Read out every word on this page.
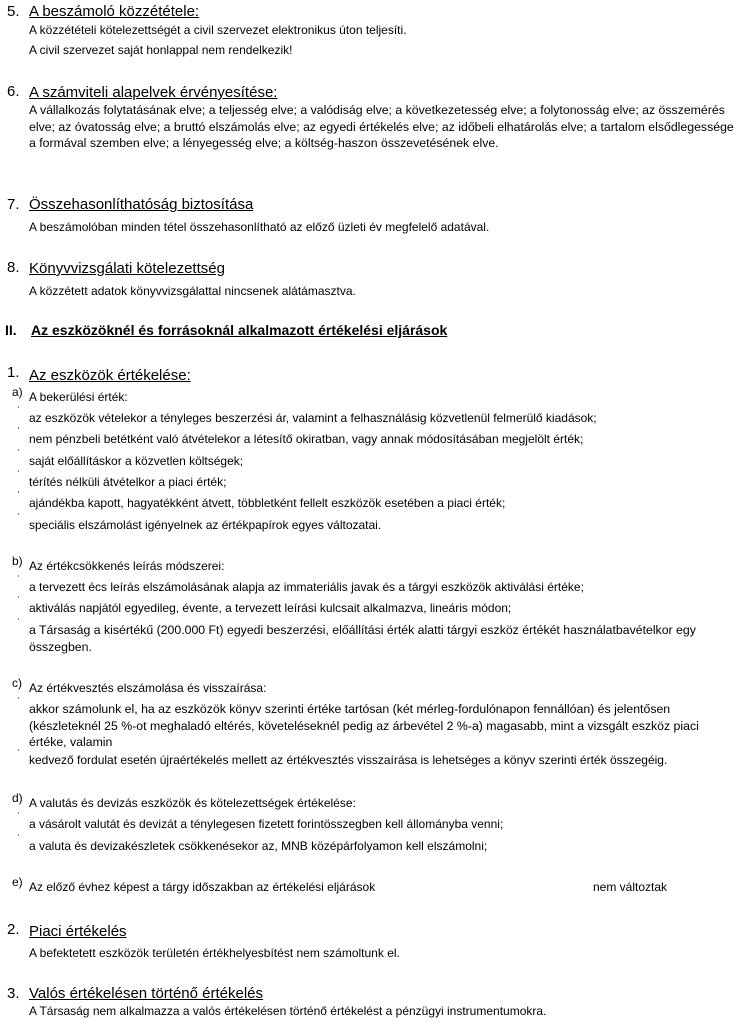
5. A beszámoló közzététele:
A közzétételi kötelezettségét a civil szervezet elektronikus úton teljesíti.
A civil szervezet saját honlappal nem rendelkezik!
6. A számviteli alapelvek érvényesítése:
A vállalkozás folytatásának elve; a teljesség elve; a valódiság elve; a következetesség elve; a folytonosság elve; az összemérés elve; az óvatosság elve; a bruttó elszámolás elve; az egyedi értékelés elve; az időbeli elhatárolás elve; a tartalom elsődlegessége a formával szemben elve; a lényegesség elve; a költség-haszon összevetésének elve.
7. Összehasonlíthatóság biztosítása
A beszámolóban minden tétel összehasonlítható az előző üzleti év megfelelő adatával.
8. Könyvvizsgálati kötelezettség
A közzétett adatok könyvvizsgálattal nincsenek alátámasztva.
II. Az eszközöknél és forrásoknál alkalmazott értékelési eljárások
1. Az eszközök értékelése:
a) A bekerülési érték:
˙ az eszközök vételekor a tényleges beszerzési ár, valamint a felhasználásig közvetlenül felmerülő kiadások;
˙ nem pénzbeli betétként való átvételekor a létesítő okiratban, vagy annak módosításában megjelölt érték;
˙ saját előállításkor a közvetlen költségek;
˙ térítés nélküli átvételkor a piaci érték;
˙ ajándékba kapott, hagyatékként átvett, többletként fellelt eszközök esetében a piaci érték;
˙ speciális elszámolást igényelnek az értékpapírok egyes változatai.
b) Az értékcsökkenés leírás módszerei:
˙ a tervezett écs leírás elszámolásának alapja az immateriális javak és a tárgyi eszközök aktiválási értéke;
˙ aktiválás napjától egyedileg, évente, a tervezett leírási kulcsait alkalmazva, lineáris módon;
˙ a Társaság a kisértékű (200.000 Ft) egyedi beszerzési, előállítási érték alatti tárgyi eszköz értékét használatbavételkor egy összegben.
c) Az értékvesztés elszámolása és visszaírása:
˙ akkor számolunk el, ha az eszközök könyv szerinti értéke tartósan (két mérleg-fordulónapon fennállóan) és jelentősen (készleteknél 25 %-ot meghaladó eltérés, követeléseknél pedig az árbevétel 2 %-a) magasabb, mint a vizsgált eszköz piaci értéke, valamin
˙ kedvező fordulat esetén újraértékelés mellett az értékvesztés visszaírása is lehetséges a könyv szerinti érték összegéig.
d) A valutás és devizás eszközök és kötelezettségek értékelése:
˙ a vásárolt valutát és devizát a ténylegesen fizetett forintösszegben kell állományba venni;
˙ a valuta és devizakészletek csökkenésekor az, MNB középárfolyamon kell elszámolni;
e) Az előző évhez képest a tárgy időszakban az értékelési eljárások	nem változtak
2. Piaci értékelés
A befektetett eszközök területén értékhelyesbítést nem számoltunk el.
3. Valós értékelésen történő értékelés
A Társaság nem alkalmazza a valós értékelésen történő értékelést a pénzügyi instrumentumokra.
